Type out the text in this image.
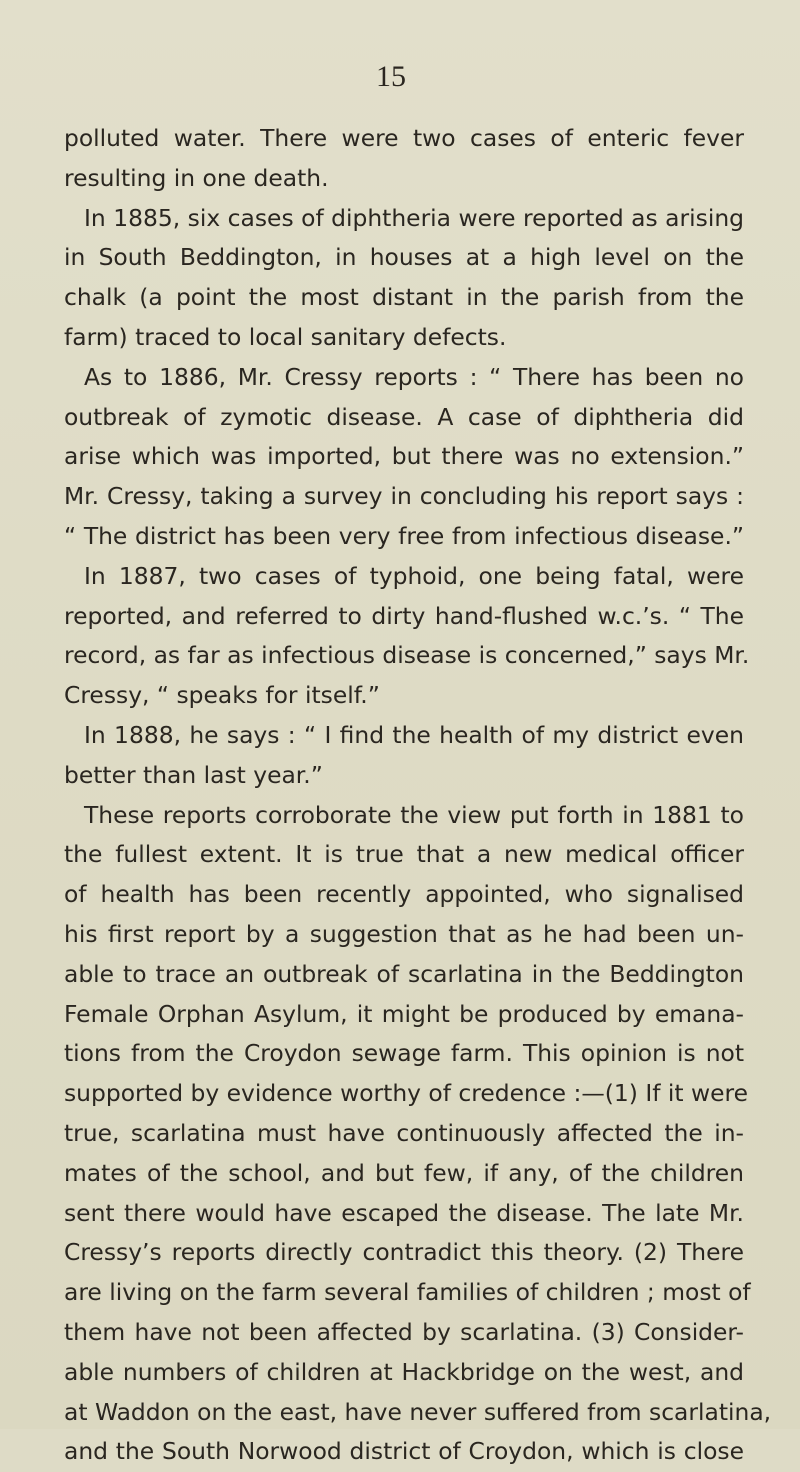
15
polluted water. There were two cases of enteric fever
resulting in one death.
In 1885, six cases of diphtheria were reported as arising
in South Beddington, in houses at a high level on the
chalk (a point the most distant in the parish from the
farm) traced to local sanitary defects.
As to 1886, Mr. Cressy reports : “ There has been no
outbreak of zymotic disease. A case of diphtheria did
arise which was imported, but there was no extension.”
Mr. Cressy, taking a survey in concluding his report says :
“ The district has been very free from infectious disease.”
In 1887, two cases of typhoid, one being fatal, were
reported, and referred to dirty hand-flushed w.c.’s. “ The
record, as far as infectious disease is concerned,” says Mr.
Cressy, “ speaks for itself.”
In 1888, he says : “ I find the health of my district even
better than last year.”
These reports corroborate the view put forth in 1881 to
the fullest extent. It is true that a new medical officer
of health has been recently appointed, who signalised
his first report by a suggestion that as he had been un-
able to trace an outbreak of scarlatina in the Beddington
Female Orphan Asylum, it might be produced by emana-
tions from the Croydon sewage farm. This opinion is not
supported by evidence worthy of credence :—(1) If it were
true, scarlatina must have continuously affected the in-
mates of the school, and but few, if any, of the children
sent there would have escaped the disease. The late Mr.
Cressy’s reports directly contradict this theory. (2) There
are living on the farm several families of children ; most of
them have not been affected by scarlatina. (3) Consider-
able numbers of children at Hackbridge on the west, and
at Waddon on the east, have never suffered from scarlatina,
and the South Norwood district of Croydon, which is close
